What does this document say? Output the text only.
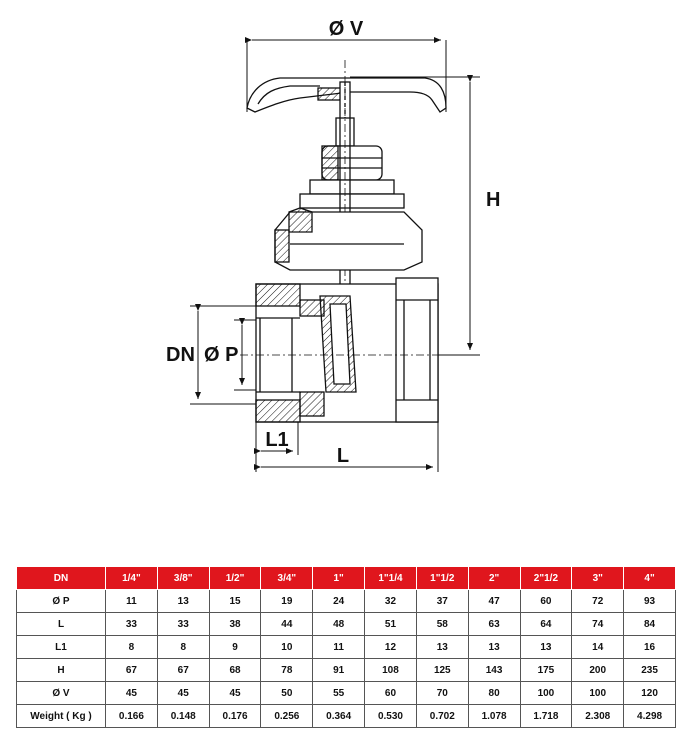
Ø V
H
DN Ø P
L1
L
DN	1/4"	3/8"	1/2"	3/4"	1"	1"1/4	1"1/2	2"	2"1/2	3"	4"
Ø P	11	13	15	19	24	32	37	47	60	72	93
L	33	33	38	44	48	51	58	63	64	74	84
L1	8	8	9	10	11	12	13	13	13	14	16
H	67	67	68	78	91	108	125	143	175	200	235
Ø V	45	45	45	50	55	60	70	80	100	100	120
Weight ( Kg )	0.166	0.148	0.176	0.256	0.364	0.530	0.702	1.078	1.718	2.308	4.298
